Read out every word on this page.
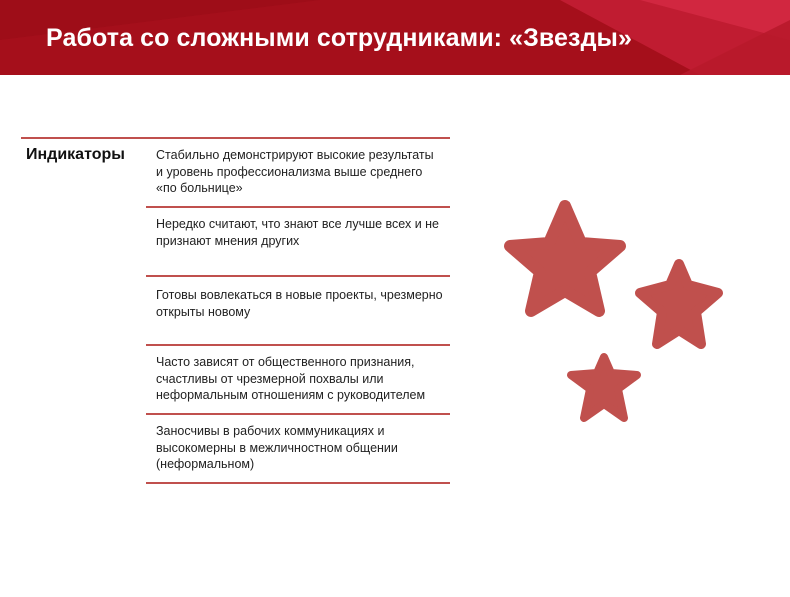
Работа со сложными сотрудниками: «Звезды»
Индикаторы Стабильно демонстрируют высокие результаты и уровень профессионализма выше среднего «по больнице»
Нередко считают, что знают все лучше всех и не признают мнения других
Готовы вовлекаться в новые проекты, чрезмерно открыты новому
Часто зависят от общественного признания, счастливы от чрезмерной похвалы или неформальным отношениям с руководителем
Заносчивы в рабочих коммуникациях и высокомерны в межличностном общении (неформальном)
